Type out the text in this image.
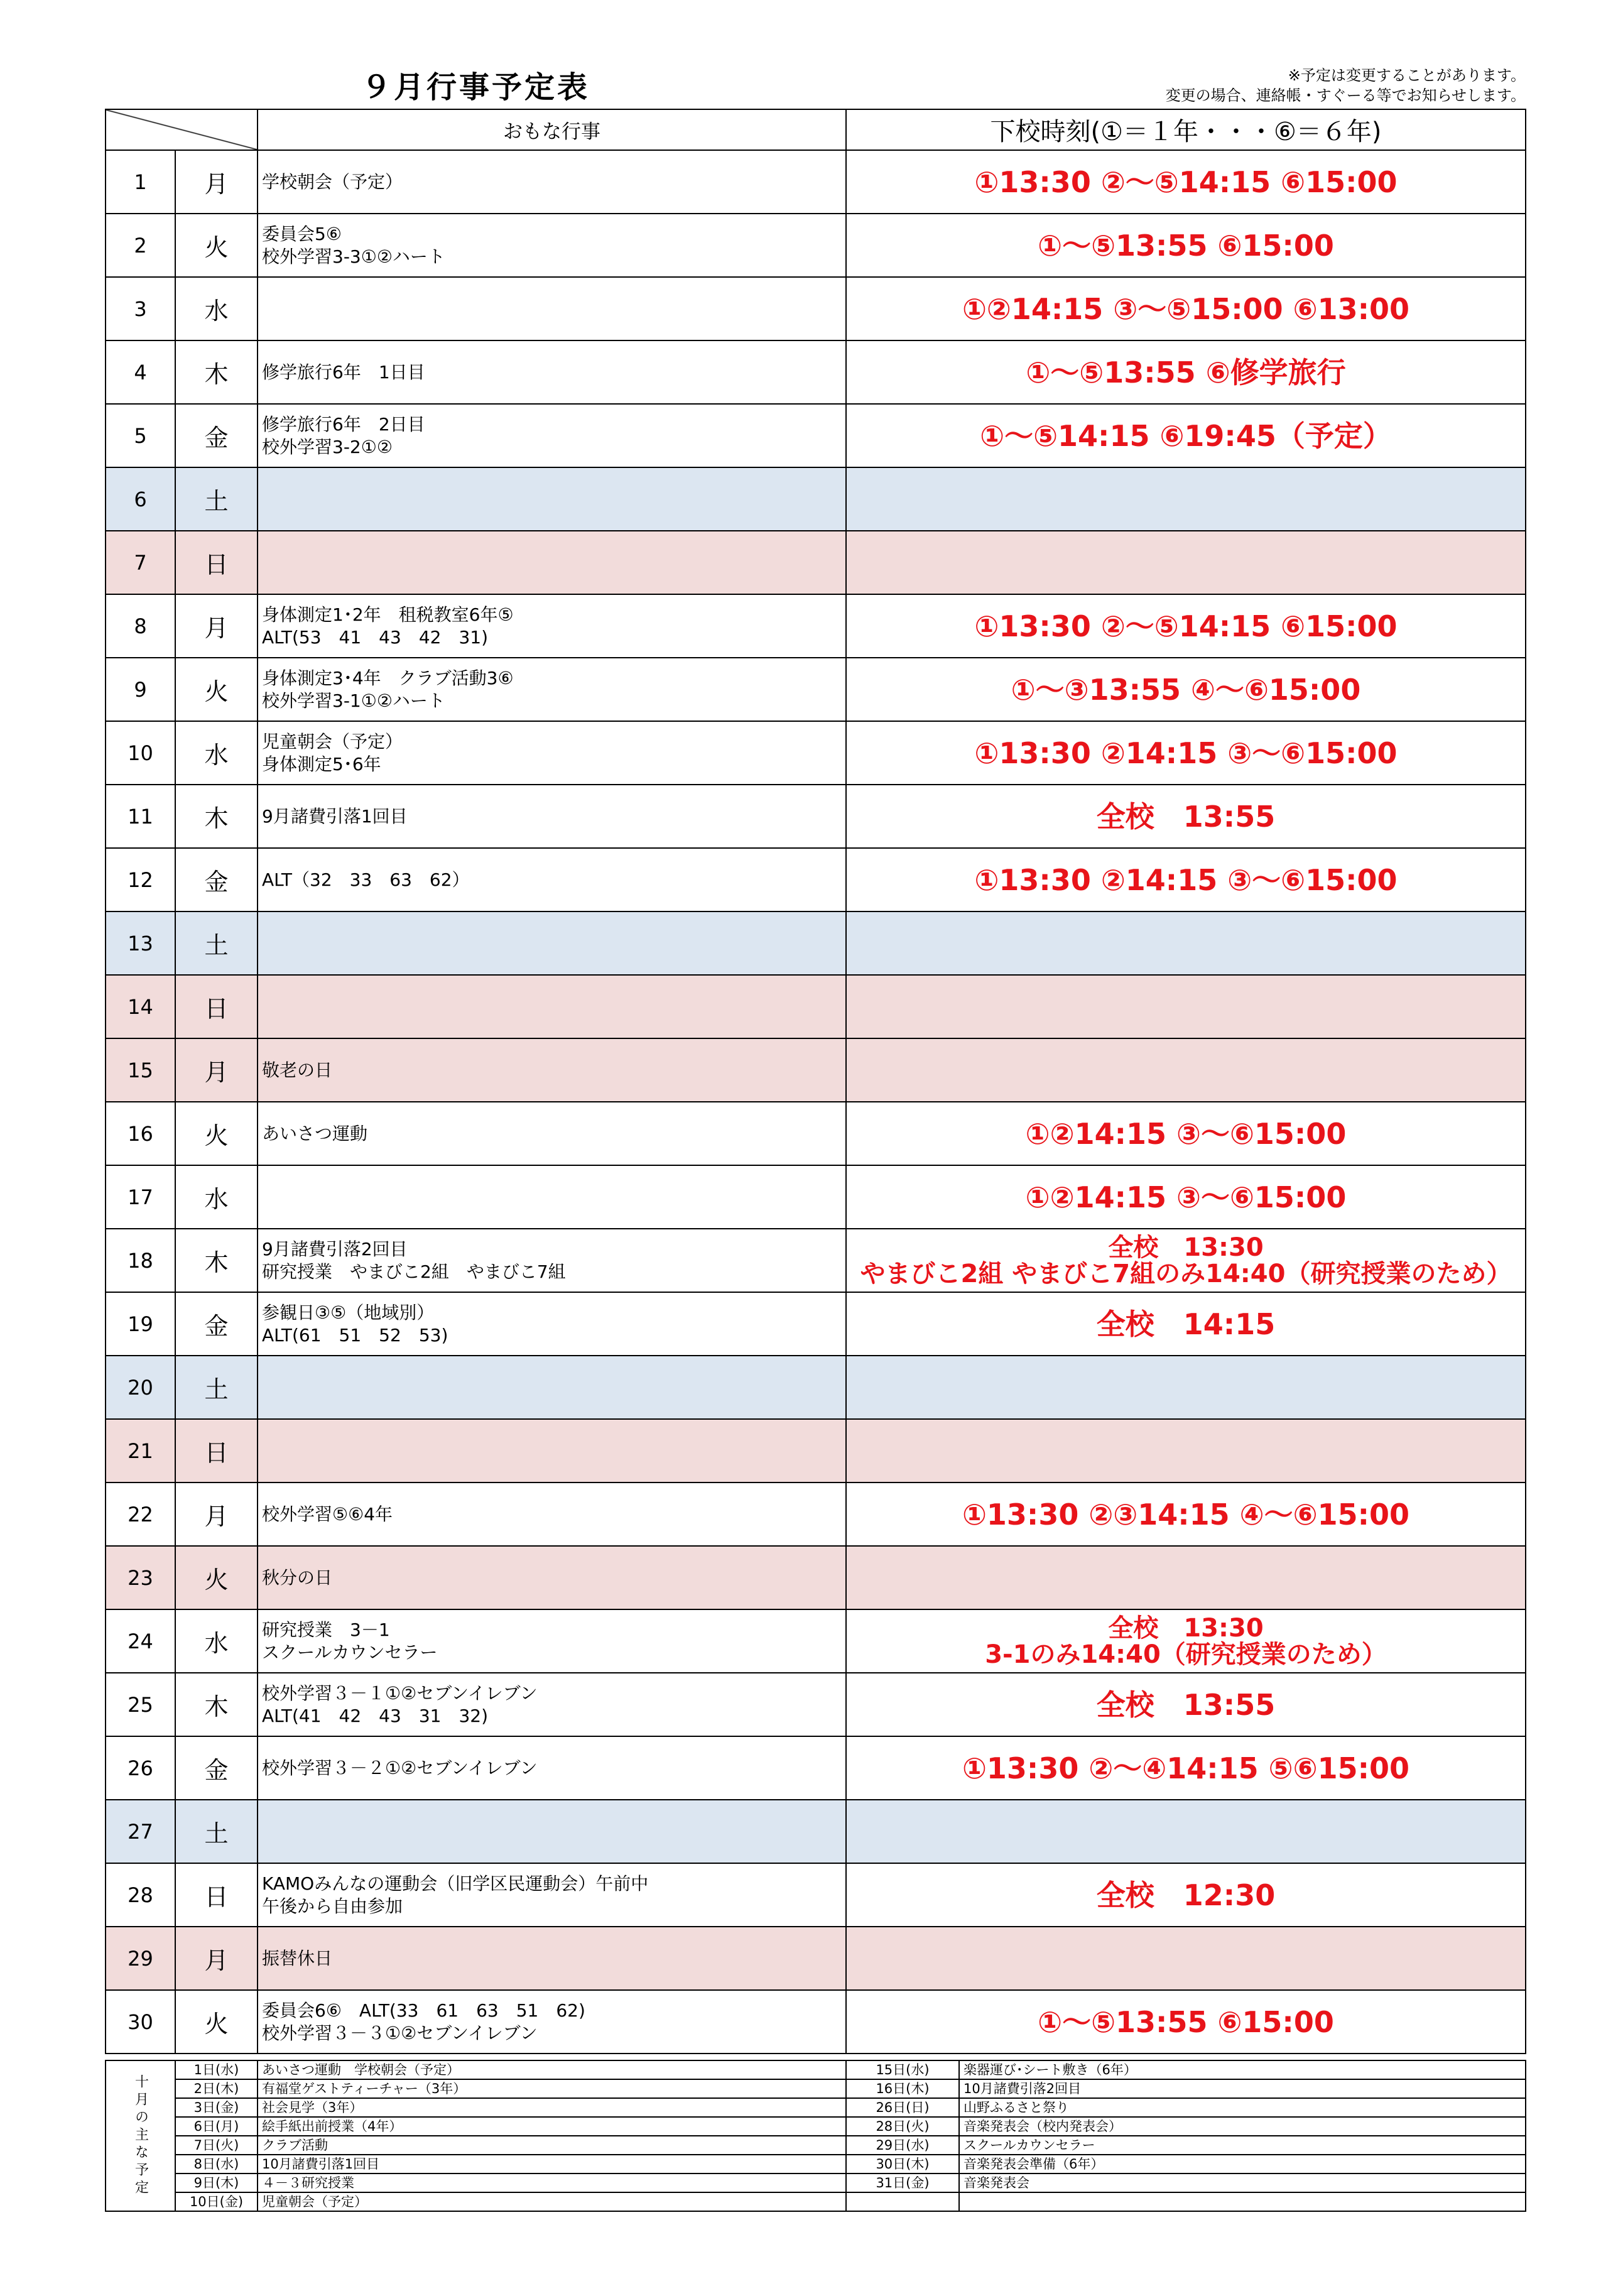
９月行事予定表	※予定は変更することがあります。
変更の場合、連絡帳・すぐーる等でお知らせします。
		おもな行事	下校時刻(①＝１年・・・⑥＝６年)
1	月	学校朝会（予定）	①13:30 ②～⑤14:15 ⑥15:00

2	火	委員会5⑥
校外学習3-3①②ハート	①～⑤13:55 ⑥15:00

3	水		①②14:15 ③～⑤15:00 ⑥13:00

4	木	修学旅行6年　1日目	①～⑤13:55 ⑥修学旅行

5	金	修学旅行6年　2日目
校外学習3-2①②	①～⑤14:15 ⑥19:45（予定）

6	土		
7	日		
8	月	身体測定1･2年　租税教室6年⑤
ALT(53　41　43　42　31)	①13:30 ②～⑤14:15 ⑥15:00

9	火	身体測定3･4年　クラブ活動3⑥
校外学習3-1①②ハート	①～③13:55 ④～⑥15:00

10	水	児童朝会（予定）
身体測定5･6年	①13:30 ②14:15 ③～⑥15:00

11	木	9月諸費引落1回目	全校　13:55

12	金	ALT（32　33　63　62）	①13:30 ②14:15 ③～⑥15:00

13	土		
14	日		
15	月	敬老の日	

16	火	あいさつ運動	①②14:15 ③～⑥15:00

17	水		①②14:15 ③～⑥15:00

18	木	9月諸費引落2回目
研究授業　やまびこ2組　やまびこ7組	全校　13:30
やまびこ2組 やまびこ7組のみ14:40（研究授業のため）

19	金	参観日③⑤（地域別）
ALT(61　51　52　53)	全校　14:15

20	土		
21	日		
22	月	校外学習⑤⑥4年	①13:30 ②③14:15 ④～⑥15:00

23	火	秋分の日	

24	水	研究授業　3－1
スクールカウンセラー	全校　13:30
3-1のみ14:40（研究授業のため）

25	木	校外学習３－１①②セブンイレブン
ALT(41　42　43　31　32)	全校　13:55

26	金	校外学習３－２①②セブンイレブン	①13:30 ②～④14:15 ⑤⑥15:00

27	土		
28	日	KAMOみんなの運動会（旧学区民運動会）午前中
午後から自由参加	全校　12:30

29	月	振替休日	

30	火	委員会6⑥　ALT(33　61　63　51　62)
校外学習３－３①②セブンイレブン	①～⑤13:55 ⑥15:00
十月の主な予定	1日(水)	あいさつ運動　学校朝会（予定）	15日(水)	楽器運び･シート敷き（6年）
	2日(木)	有福堂ゲストティーチャー（3年）	16日(木)	10月諸費引落2回目
	3日(金)	社会見学（3年）	26日(日)	山野ふるさと祭り
	6日(月)	絵手紙出前授業（4年）	28日(火)	音楽発表会（校内発表会）
	7日(火)	クラブ活動	29日(水)	スクールカウンセラー
	8日(水)	10月諸費引落1回目	30日(木)	音楽発表会準備（6年）
	9日(木)	４－３研究授業	31日(金)	音楽発表会
	10日(金)	児童朝会（予定）		
